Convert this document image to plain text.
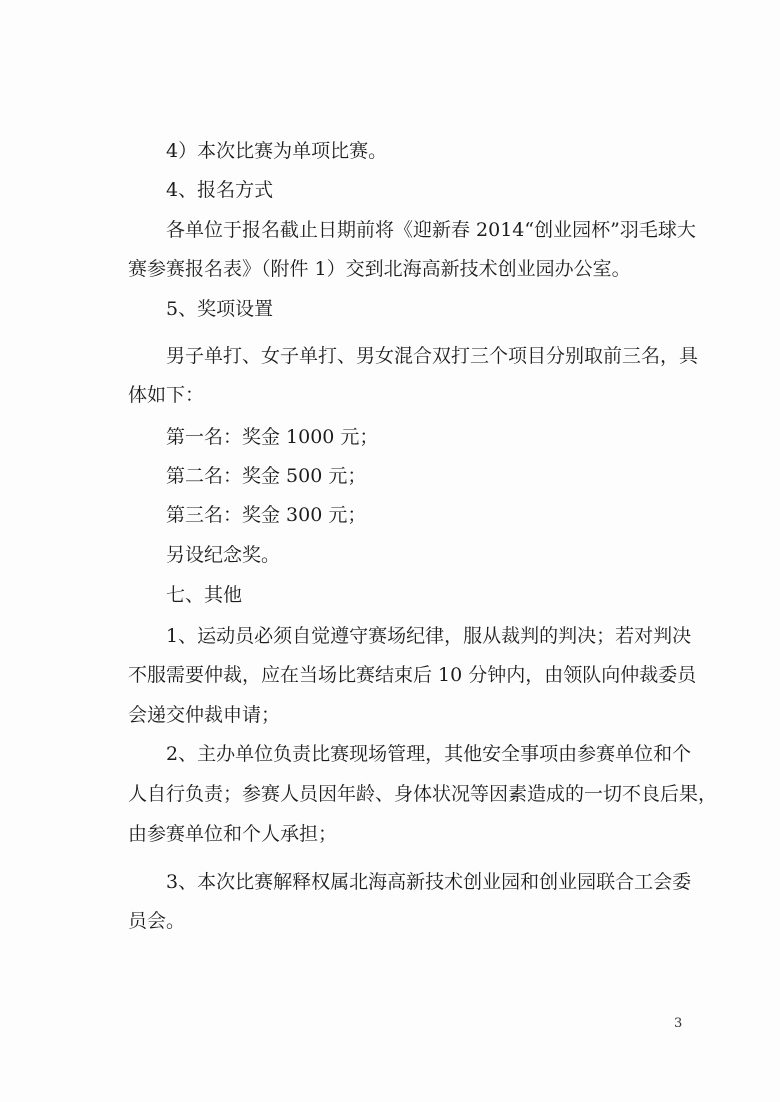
4）本次比赛为单项比赛。

4、报名方式

各单位于报名截止日期前将《迎新春 2014“创业园杯”羽毛球大

赛参赛报名表》（附件 1）交到北海高新技术创业园办公室。

5、奖项设置

男子单打、女子单打、男女混合双打三个项目分别取前三名，具

体如下：

第一名：奖金 1000 元；

第二名：奖金 500 元；

第三名：奖金 300 元；

另设纪念奖。

七、其他

1、运动员必须自觉遵守赛场纪律，服从裁判的判决；若对判决

不服需要仲裁，应在当场比赛结束后 10 分钟内，由领队向仲裁委员

会递交仲裁申请；

2、主办单位负责比赛现场管理，其他安全事项由参赛单位和个

人自行负责；参赛人员因年龄、身体状况等因素造成的一切不良后果，

由参赛单位和个人承担；

3、本次比赛解释权属北海高新技术创业园和创业园联合工会委

员会。

3
